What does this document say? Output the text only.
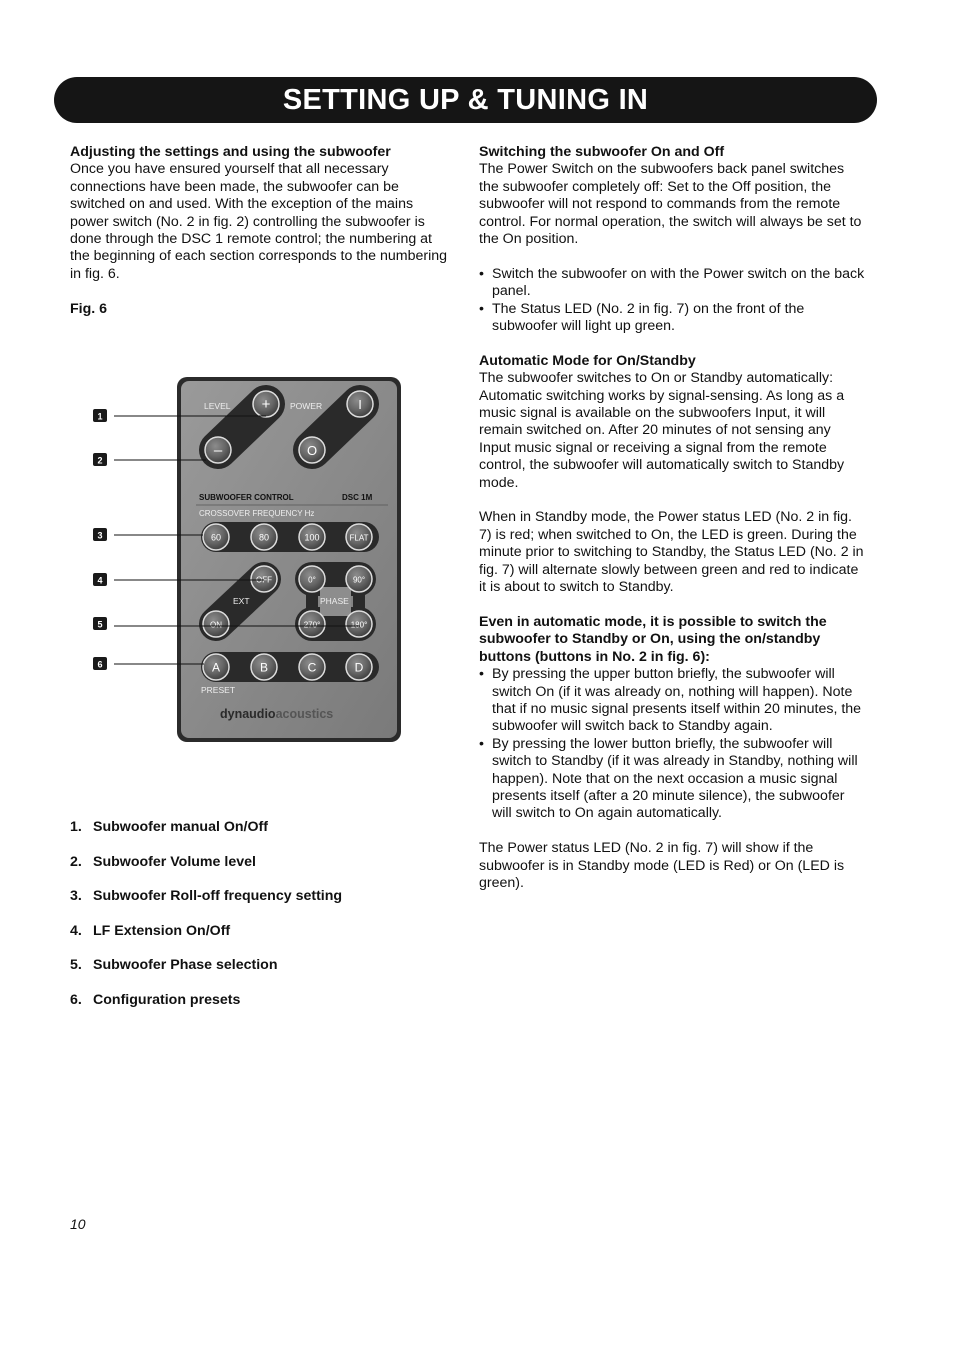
SETTING UP & TUNING IN

Adjusting the settings and using the subwoofer

Once you have ensured yourself that all necessary connections have been made, the subwoofer can be switched on and used. With the exception of the mains power switch (No. 2 in fig. 2) controlling the subwoofer is done through the DSC 1 remote control; the numbering at the beginning of each section corresponds to the numbering in fig. 6.

Fig. 6

+
–
I
O
LEVEL	POWER
SUBWOOFER CONTROL	DSC 1M
CROSSOVER FREQUENCY Hz
60	80	100	FLAT
OFF
ON
EXT
0°	90°
270°	180°
PHASE
A	B	C	D
PRESET
dynaudioacoustics
1
2
3
4
5
6
1. Subwoofer manual On/Off
2. Subwoofer Volume level
3. Subwoofer Roll-off frequency setting
4. LF Extension On/Off
5. Subwoofer Phase selection
6. Configuration presets

Switching the subwoofer On and Off

The Power Switch on the subwoofers back panel switches the subwoofer completely off: Set to the Off position, the subwoofer will not respond to commands from the remote control. For normal operation, the switch will always be set to the On position.

• Switch the subwoofer on with the Power switch on the back panel.
• The Status LED (No. 2 in fig. 7) on the front of the subwoofer will light up green.

Automatic Mode for On/Standby

The subwoofer switches to On or Standby automatically: Automatic switching works by signal-sensing. As long as a music signal is available on the subwoofers Input, it will remain switched on. After 20 minutes of not sensing any Input music signal or receiving a signal from the remote control, the subwoofer will automatically switch to Standby mode.

When in Standby mode, the Power status LED (No. 2 in fig. 7) is red; when switched to On, the LED is green. During the minute prior to switching to Standby, the Status LED (No. 2 in fig. 7) will alternate slowly between green and red to indicate it is about to switch to Standby.

Even in automatic mode, it is possible to switch the subwoofer to Standby or On, using the on/standby buttons (buttons in No. 2 in fig. 6):

• By pressing the upper button briefly, the subwoofer will switch On (if it was already on, nothing will happen). Note that if no music signal presents itself within 20 minutes, the subwoofer will switch back to Standby again.
• By pressing the lower button briefly, the subwoofer will switch to Standby (if it was already in Standby, nothing will happen). Note that on the next occasion a music signal presents itself (after a 20 minute silence), the subwoofer will switch to On again automatically.

The Power status LED (No. 2 in fig. 7) will show if the subwoofer is in Standby mode (LED is Red) or On (LED is green).

10
